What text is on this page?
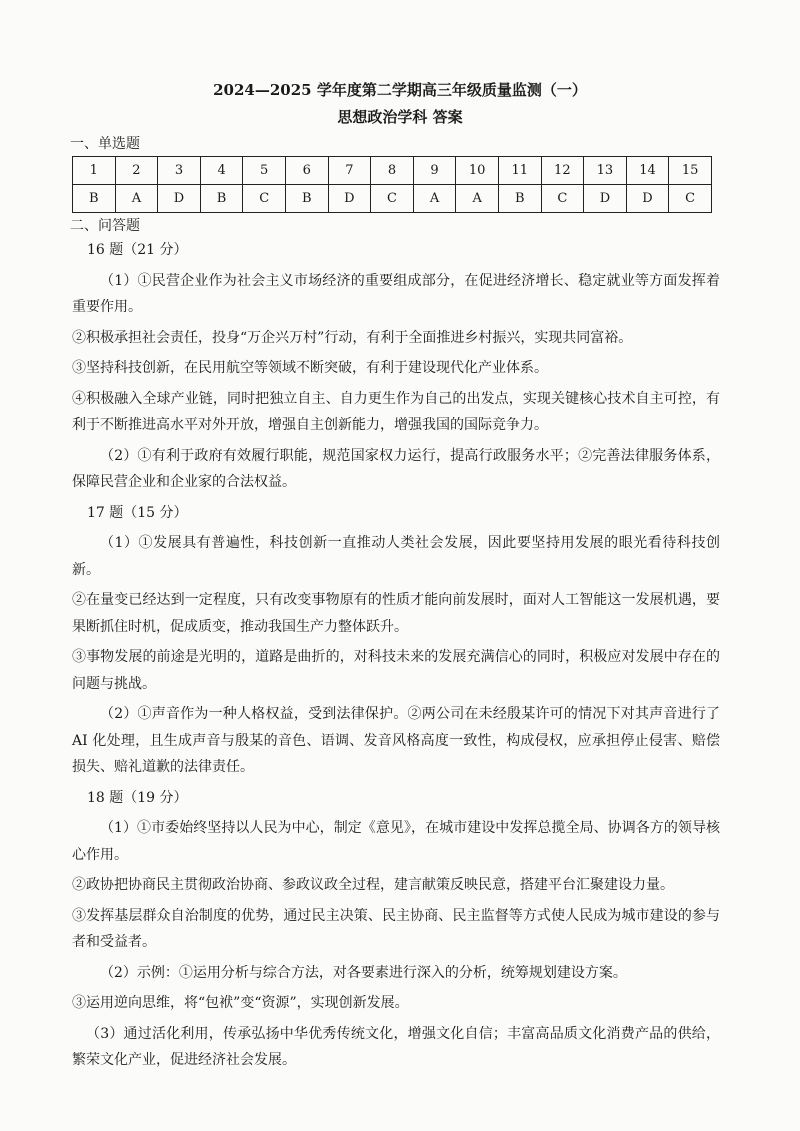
2024—2025 学年度第二学期高三年级质量监测（一）
思想政治学科 答案
一、单选题
1	2	3	4	5	6	7	8	9	10	11	12	13	14	15
B	A	D	B	C	B	D	C	A	A	B	C	D	D	C
二、问答题

16 题（21 分）

（1）①民营企业作为社会主义市场经济的重要组成部分，在促进经济增长、稳定就业等方面发挥着重要作用。

②积极承担社会责任，投身“万企兴万村”行动，有利于全面推进乡村振兴，实现共同富裕。

③坚持科技创新，在民用航空等领域不断突破，有利于建设现代化产业体系。

④积极融入全球产业链，同时把独立自主、自力更生作为自己的出发点，实现关键核心技术自主可控，有利于不断推进高水平对外开放，增强自主创新能力，增强我国的国际竞争力。

（2）①有利于政府有效履行职能，规范国家权力运行，提高行政服务水平；②完善法律服务体系，保障民营企业和企业家的合法权益。

17 题（15 分）

（1）①发展具有普遍性，科技创新一直推动人类社会发展，因此要坚持用发展的眼光看待科技创新。

②在量变已经达到一定程度，只有改变事物原有的性质才能向前发展时，面对人工智能这一发展机遇，要果断抓住时机，促成质变，推动我国生产力整体跃升。

③事物发展的前途是光明的，道路是曲折的，对科技未来的发展充满信心的同时，积极应对发展中存在的问题与挑战。

（2）①声音作为一种人格权益，受到法律保护。②两公司在未经殷某许可的情况下对其声音进行了 AI 化处理，且生成声音与殷某的音色、语调、发音风格高度一致性，构成侵权，应承担停止侵害、赔偿损失、赔礼道歉的法律责任。

18 题（19 分）

（1）①市委始终坚持以人民为中心，制定《意见》，在城市建设中发挥总揽全局、协调各方的领导核心作用。

②政协把协商民主贯彻政治协商、参政议政全过程，建言献策反映民意，搭建平台汇聚建设力量。

③发挥基层群众自治制度的优势，通过民主决策、民主协商、民主监督等方式使人民成为城市建设的参与者和受益者。

（2）示例：①运用分析与综合方法，对各要素进行深入的分析，统筹规划建设方案。

③运用逆向思维，将“包袱”变“资源”，实现创新发展。

（3）通过活化利用，传承弘扬中华优秀传统文化，增强文化自信；丰富高品质文化消费产品的供给，繁荣文化产业，促进经济社会发展。
